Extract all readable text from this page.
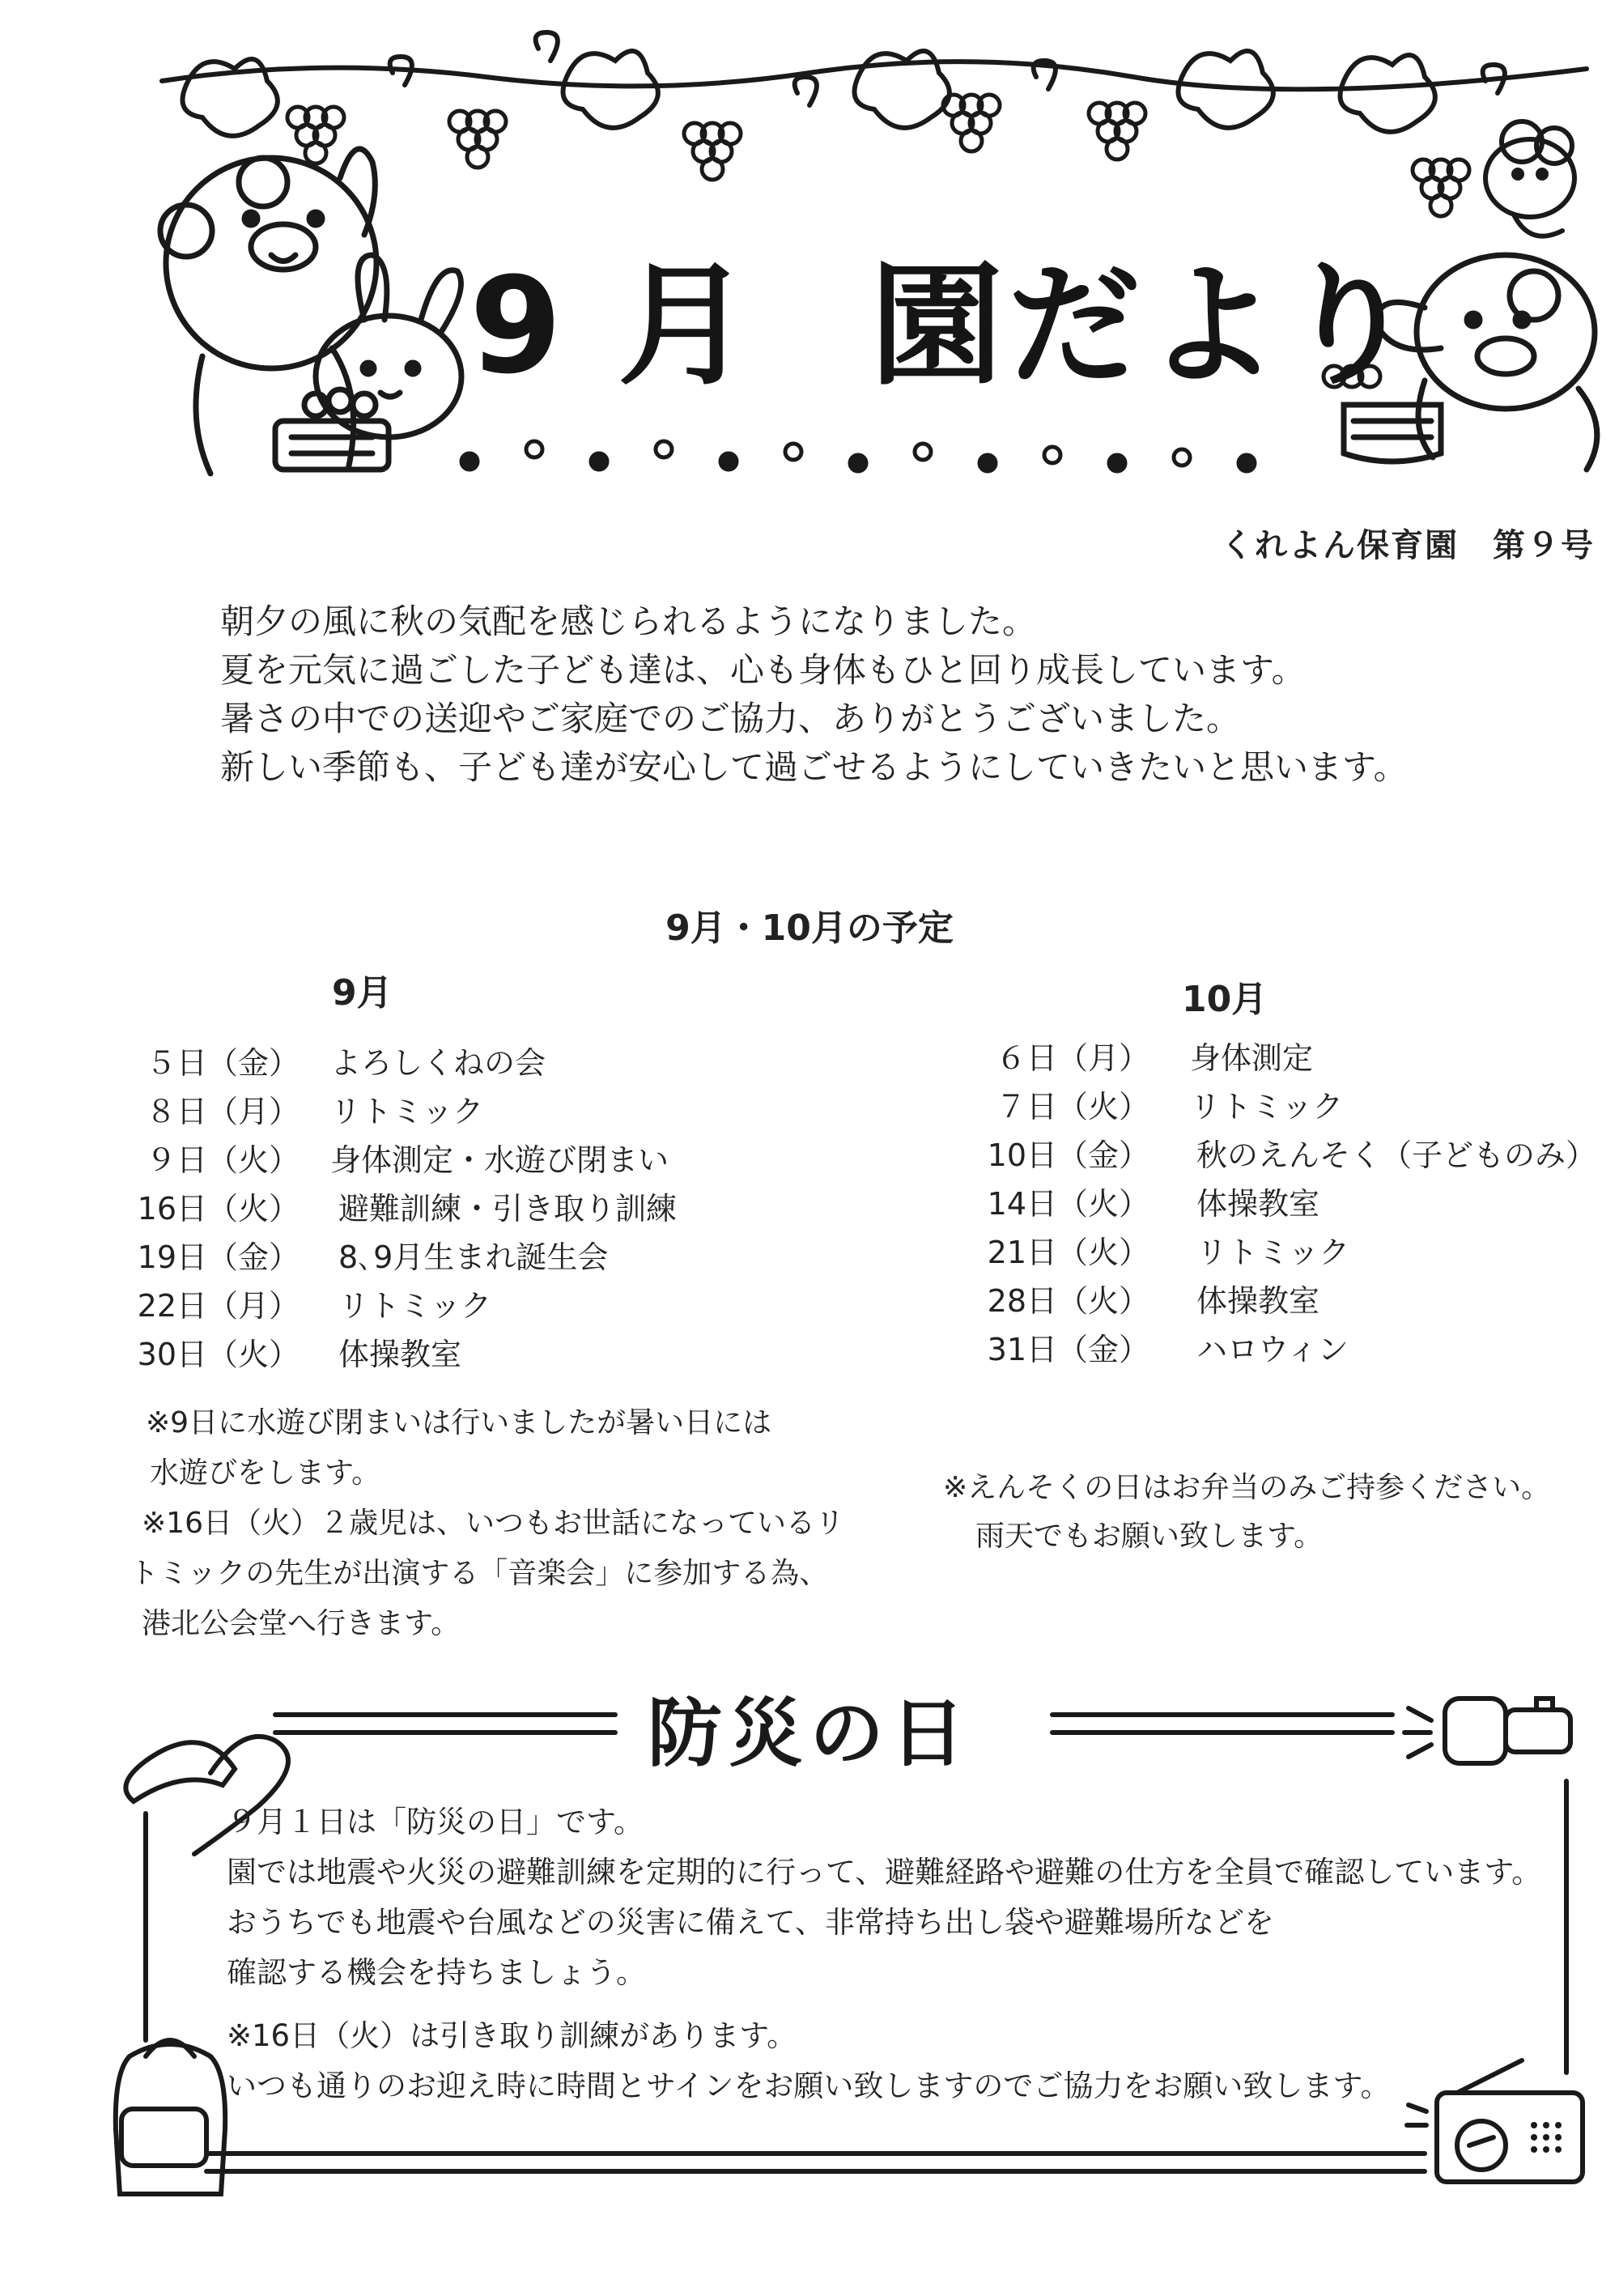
9 月 園だより
くれよん保育園　第９号
朝夕の風に秋の気配を感じられるようになりました。
夏を元気に過ごした子ども達は、心も身体もひと回り成長しています。
暑さの中での送迎やご家庭でのご協力、ありがとうございました。
新しい季節も、子ども達が安心して過ごせるようにしていきたいと思います。
9月・10月の予定
9月	10月
５日（金） よろしくねの会
８日（月） リトミック
９日（火） 身体測定・水遊び閉まい
16日（火） 避難訓練・引き取り訓練
19日（金） 8､9月生まれ誕生会
22日（月） リトミック
30日（火） 体操教室
６日（月） 身体測定
７日（火） リトミック
10日（金） 秋のえんそく（子どものみ）
14日（火） 体操教室
21日（火） リトミック
28日（火） 体操教室
31日（金） ハロウィン
※9日に水遊び閉まいは行いましたが暑い日には
水遊びをします。
※16日（火）２歳児は、いつもお世話になっているリ
トミックの先生が出演する「音楽会」に参加する為、
港北公会堂へ行きます。
※えんそくの日はお弁当のみご持参ください。
雨天でもお願い致します。
防災の日
９月１日は「防災の日」です。
園では地震や火災の避難訓練を定期的に行って、避難経路や避難の仕方を全員で確認しています。
おうちでも地震や台風などの災害に備えて、非常持ち出し袋や避難場所などを
確認する機会を持ちましょう。
※16日（火）は引き取り訓練があります。
いつも通りのお迎え時に時間とサインをお願い致しますのでご協力をお願い致します。
